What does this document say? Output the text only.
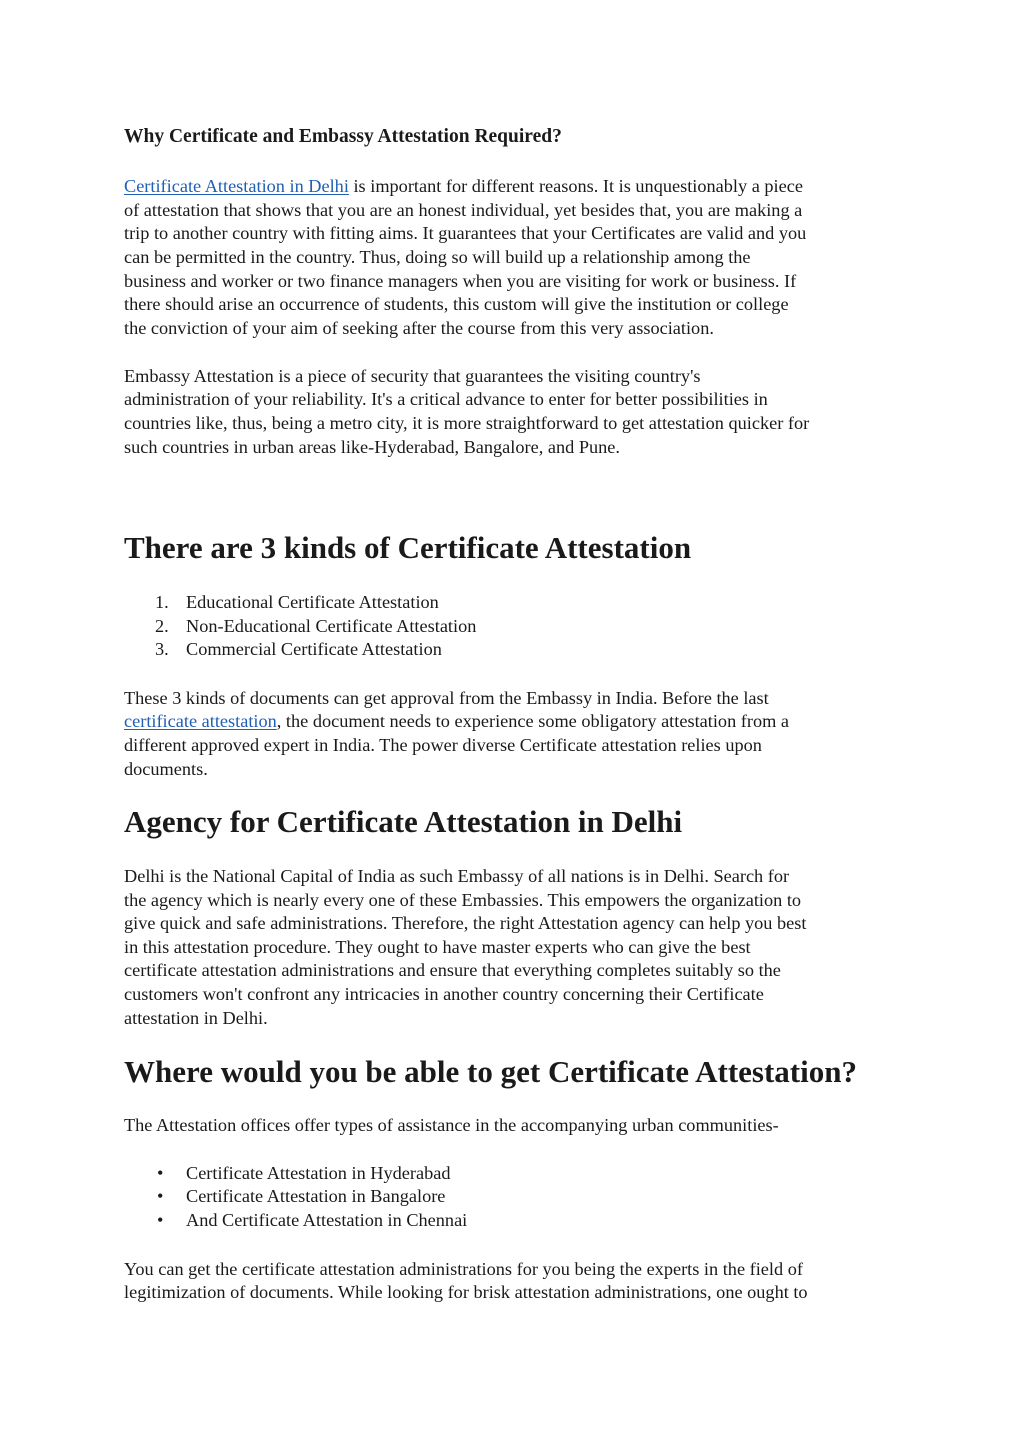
Why Certificate and Embassy Attestation Required?

Certificate Attestation in Delhi is important for different reasons. It is unquestionably a piece

of attestation that shows that you are an honest individual, yet besides that, you are making a

trip to another country with fitting aims. It guarantees that your Certificates are valid and you

can be permitted in the country. Thus, doing so will build up a relationship among the

business and worker or two finance managers when you are visiting for work or business. If

there should arise an occurrence of students, this custom will give the institution or college

the conviction of your aim of seeking after the course from this very association.

Embassy Attestation is a piece of security that guarantees the visiting country's

administration of your reliability. It's a critical advance to enter for better possibilities in

countries like, thus, being a metro city, it is more straightforward to get attestation quicker for

such countries in urban areas like-Hyderabad, Bangalore, and Pune.

There are 3 kinds of Certificate Attestation
1. Educational Certificate Attestation

2. Non-Educational Certificate Attestation

3. Commercial Certificate Attestation

These 3 kinds of documents can get approval from the Embassy in India. Before the last

certificate attestation, the document needs to experience some obligatory attestation from a

different approved expert in India. The power diverse Certificate attestation relies upon

documents.

Agency for Certificate Attestation in Delhi

Delhi is the National Capital of India as such Embassy of all nations is in Delhi. Search for

the agency which is nearly every one of these Embassies. This empowers the organization to

give quick and safe administrations. Therefore, the right Attestation agency can help you best

in this attestation procedure. They ought to have master experts who can give the best

certificate attestation administrations and ensure that everything completes suitably so the

customers won't confront any intricacies in another country concerning their Certificate

attestation in Delhi.

Where would you be able to get Certificate Attestation?

The Attestation offices offer types of assistance in the accompanying urban communities-

• Certificate Attestation in Hyderabad

• Certificate Attestation in Bangalore

• And Certificate Attestation in Chennai

You can get the certificate attestation administrations for you being the experts in the field of

legitimization of documents. While looking for brisk attestation administrations, one ought to
